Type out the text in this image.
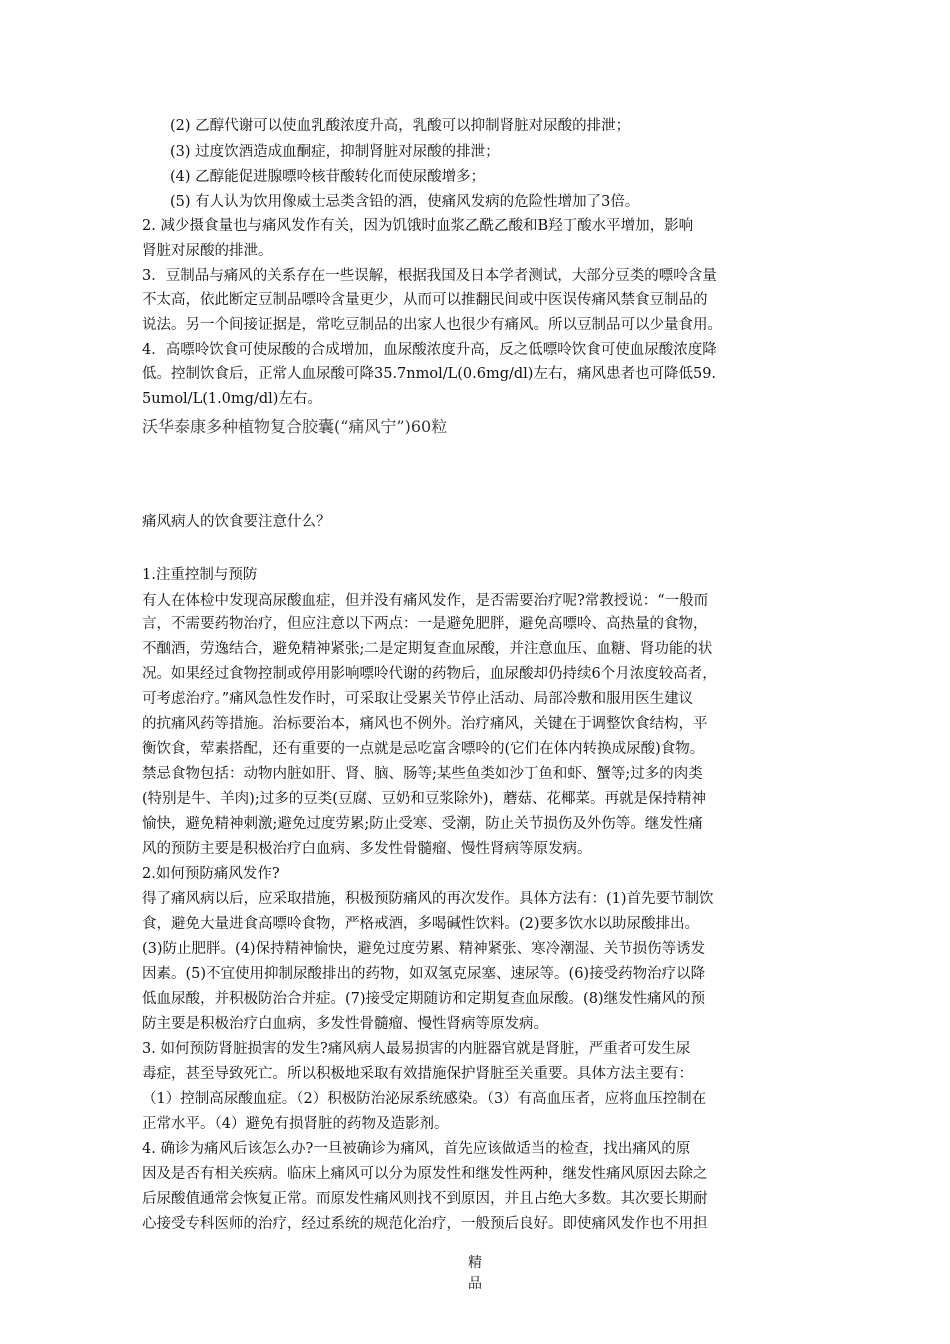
(2) 乙醇代谢可以使血乳酸浓度升高，乳酸可以抑制肾脏对尿酸的排泄；
(3) 过度饮酒造成血酮症，抑制肾脏对尿酸的排泄；
(4) 乙醇能促进腺嘌呤核苷酸转化而使尿酸增多；
(5) 有人认为饮用像威士忌类含铅的酒，使痛风发病的危险性增加了3倍。
2. 减少摄食量也与痛风发作有关，因为饥饿时血浆乙酰乙酸和Β羟丁酸水平增加，影响
肾脏对尿酸的排泄。
3．豆制品与痛风的关系存在一些误解，根据我国及日本学者测试，大部分豆类的嘌呤含量
不太高，依此断定豆制品嘌呤含量更少，从而可以推翻民间或中医误传痛风禁食豆制品的
说法。另一个间接证据是，常吃豆制品的出家人也很少有痛风。所以豆制品可以少量食用。
4．高嘌呤饮食可使尿酸的合成增加，血尿酸浓度升高，反之低嘌呤饮食可使血尿酸浓度降
低。控制饮食后，正常人血尿酸可降35.7nmol/L(0.6mg/dl)左右，痛风患者也可降低59.
5umol/L(1.0mg/dl)左右。
沃华泰康多种植物复合胶囊(“痛风宁”)60粒
痛风病人的饮食要注意什么？
1.注重控制与预防
有人在体检中发现高尿酸血症，但并没有痛风发作，是否需要治疗呢?常教授说：“一般而
言，不需要药物治疗，但应注意以下两点：一是避免肥胖，避免高嘌呤、高热量的食物，
不酗酒，劳逸结合，避免精神紧张;二是定期复查血尿酸，并注意血压、血糖、肾功能的状
况。如果经过食物控制或停用影响嘌呤代谢的药物后，血尿酸却仍持续6个月浓度较高者，
可考虑治疗。”痛风急性发作时，可采取让受累关节停止活动、局部冷敷和服用医生建议
的抗痛风药等措施。治标要治本，痛风也不例外。治疗痛风，关键在于调整饮食结构，平
衡饮食，荤素搭配，还有重要的一点就是忌吃富含嘌呤的(它们在体内转换成尿酸)食物。
禁忌食物包括：动物内脏如肝、肾、脑、肠等;某些鱼类如沙丁鱼和虾、蟹等;过多的肉类
(特别是牛、羊肉);过多的豆类(豆腐、豆奶和豆浆除外)，蘑菇、花椰菜。再就是保持精神
愉快，避免精神刺激;避免过度劳累;防止受寒、受潮，防止关节损伤及外伤等。继发性痛
风的预防主要是积极治疗白血病、多发性骨髓瘤、慢性肾病等原发病。
2.如何预防痛风发作?
得了痛风病以后，应采取措施，积极预防痛风的再次发作。具体方法有：(1)首先要节制饮
食，避免大量进食高嘌呤食物，严格戒酒，多喝碱性饮料。(2)要多饮水以助尿酸排出。
(3)防止肥胖。(4)保持精神愉快，避免过度劳累、精神紧张、寒冷潮湿、关节损伤等诱发
因素。(5)不宜使用抑制尿酸排出的药物，如双氢克尿塞、速尿等。(6)接受药物治疗以降
低血尿酸，并积极防治合并症。(7)接受定期随访和定期复查血尿酸。(8)继发性痛风的预
防主要是积极治疗白血病，多发性骨髓瘤、慢性肾病等原发病。
3. 如何预防肾脏损害的发生?痛风病人最易损害的内脏器官就是肾脏，严重者可发生尿
毒症，甚至导致死亡。所以积极地采取有效措施保护肾脏至关重要。具体方法主要有：
（1）控制高尿酸血症。（2）积极防治泌尿系统感染。（3）有高血压者，应将血压控制在
正常水平。（4）避免有损肾脏的药物及造影剂。
4. 确诊为痛风后该怎么办?一旦被确诊为痛风，首先应该做适当的检查，找出痛风的原
因及是否有相关疾病。临床上痛风可以分为原发性和继发性两种，继发性痛风原因去除之
后尿酸值通常会恢复正常。而原发性痛风则找不到原因，并且占绝大多数。其次要长期耐
心接受专科医师的治疗，经过系统的规范化治疗，一般预后良好。即使痛风发作也不用担
精
品
